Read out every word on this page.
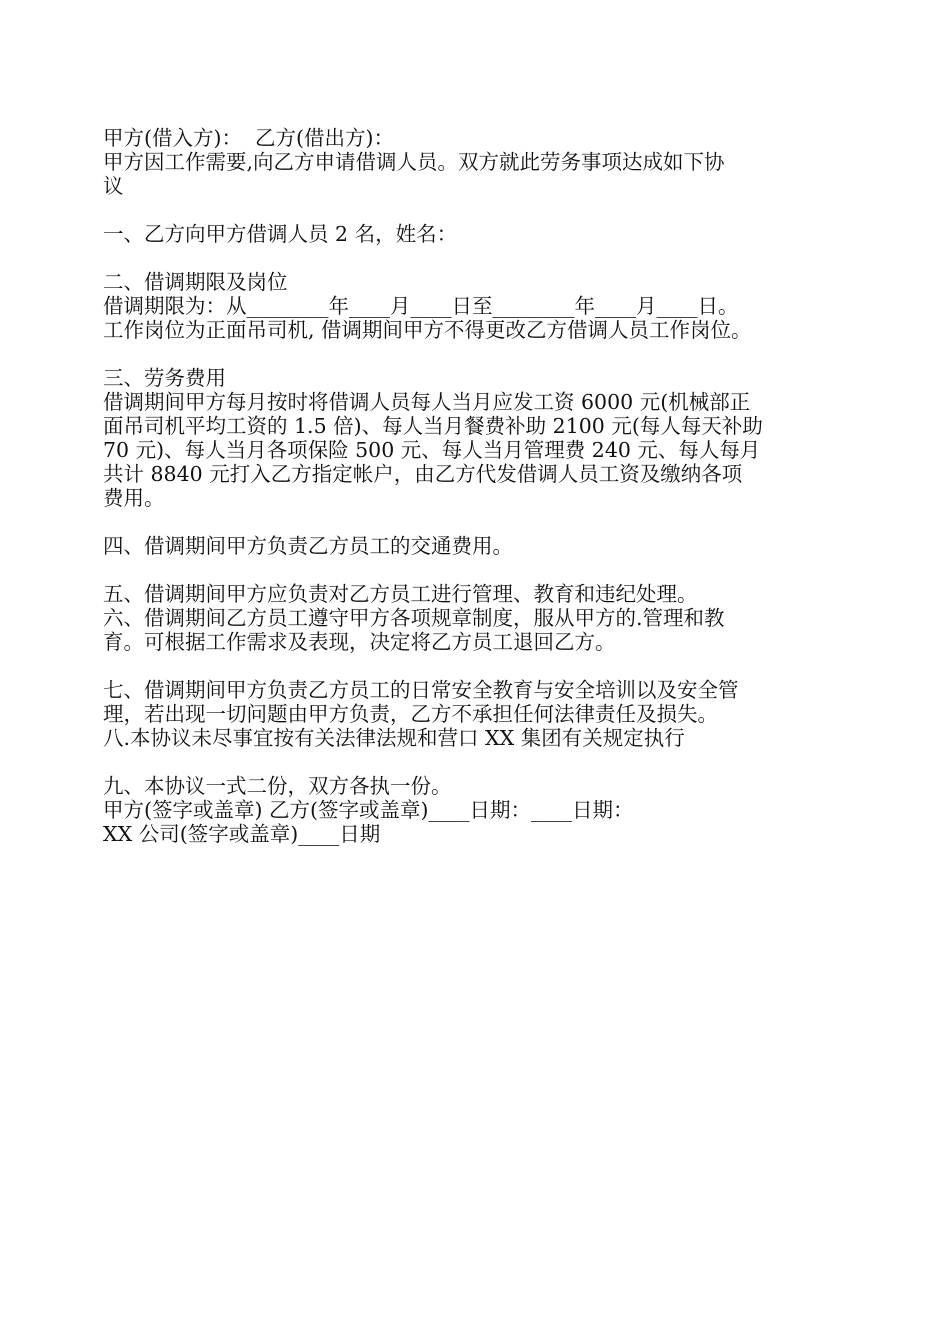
甲方(借入方)：  乙方(借出方)：
甲方因工作需要,向乙方申请借调人员。双方就此劳务事项达成如下协
议
一、乙方向甲方借调人员 2 名，姓名：
二、借调期限及岗位
借调期限为：从________年____月____日至________年____月____日。
工作岗位为正面吊司机, 借调期间甲方不得更改乙方借调人员工作岗位。
三、劳务费用
借调期间甲方每月按时将借调人员每人当月应发工资 6000 元(机械部正
面吊司机平均工资的 1.5 倍)、每人当月餐费补助 2100 元(每人每天补助
70 元)、每人当月各项保险 500 元、每人当月管理费 240 元、每人每月
共计 8840 元打入乙方指定帐户，由乙方代发借调人员工资及缴纳各项
费用。
四、借调期间甲方负责乙方员工的交通费用。
五、借调期间甲方应负责对乙方员工进行管理、教育和违纪处理。
六、借调期间乙方员工遵守甲方各项规章制度，服从甲方的.管理和教
育。可根据工作需求及表现，决定将乙方员工退回乙方。
七、借调期间甲方负责乙方员工的日常安全教育与安全培训以及安全管
理，若出现一切问题由甲方负责，乙方不承担任何法律责任及损失。
八.本协议未尽事宜按有关法律法规和营口 XX 集团有关规定执行
九、本协议一式二份，双方各执一份。
甲方(签字或盖章) 乙方(签字或盖章)____日期：____日期：
XX 公司(签字或盖章)____日期
